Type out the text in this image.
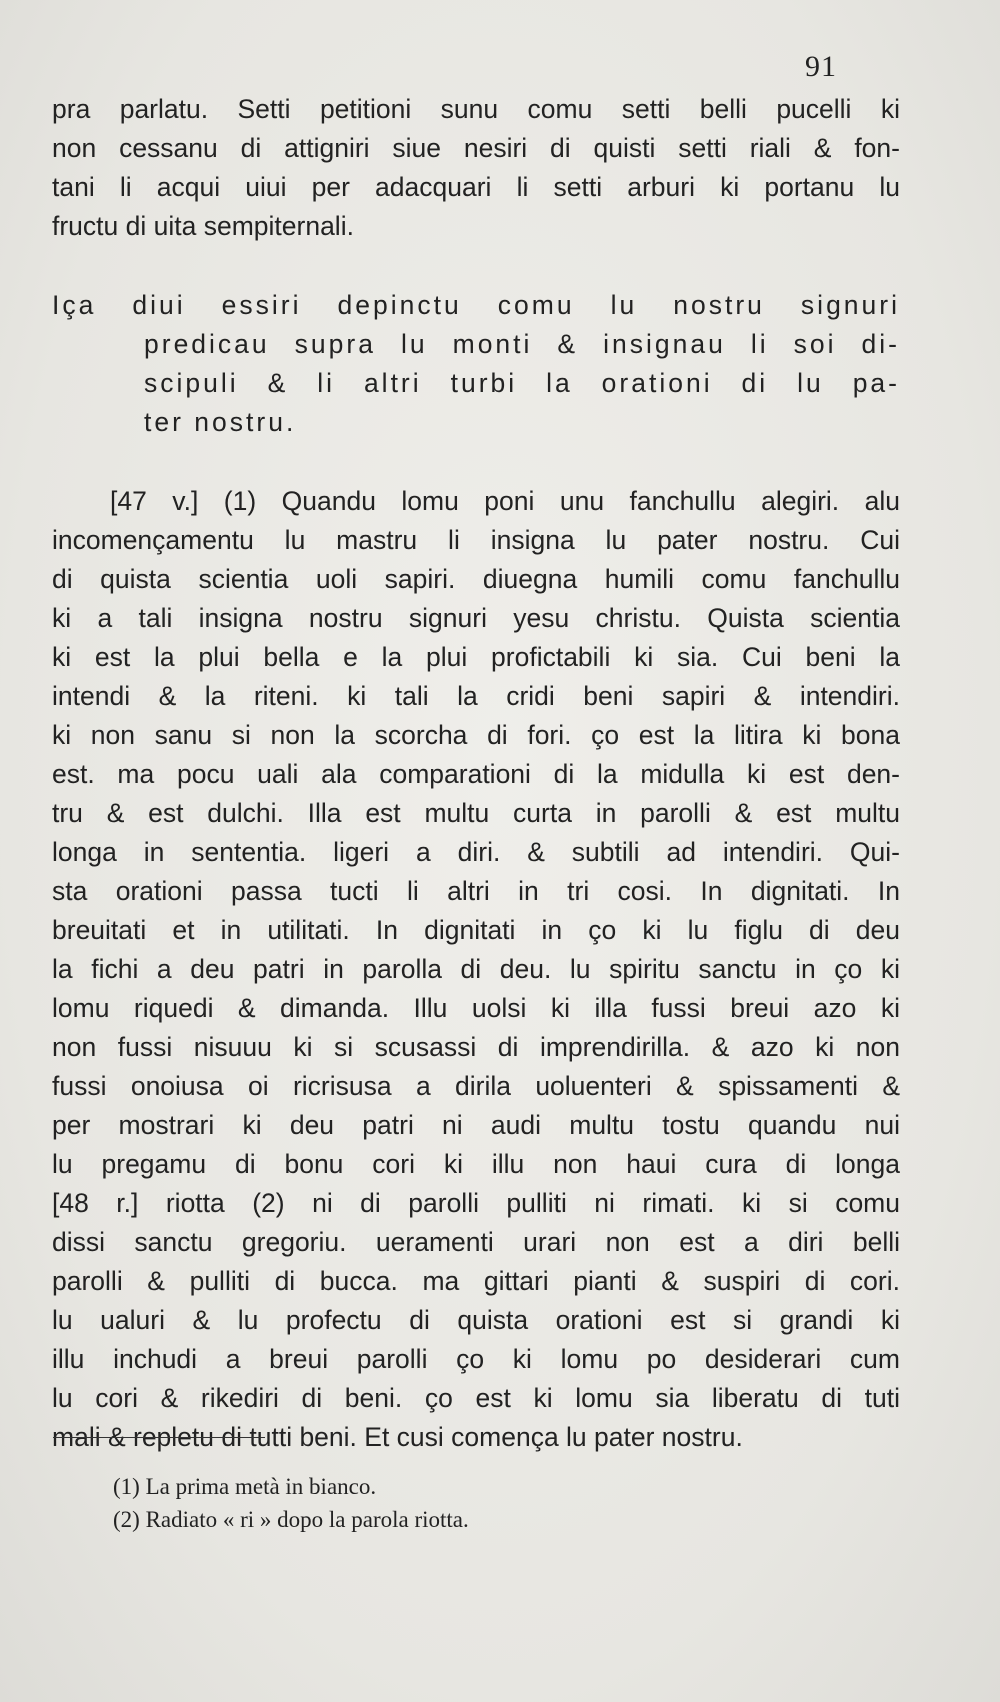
91
pra parlatu. Setti petitioni sunu comu setti belli pucelli ki
non cessanu di attigniri siue nesiri di quisti setti riali & fon-
tani li acqui uiui per adacquari li setti arburi ki portanu lu
fructu di uita sempiternali.
Iça diui essiri depinctu comu lu nostru signuri
predicau supra lu monti & insignau li soi di-
scipuli & li altri turbi la orationi di lu pa-
ter nostru.
[47 v.] (1) Quandu lomu poni unu fanchullu alegiri. alu
incomençamentu lu mastru li insigna lu pater nostru. Cui
di quista scientia uoli sapiri. diuegna humili comu fanchullu
ki a tali insigna nostru signuri yesu christu. Quista scientia
ki est la plui bella e la plui profictabili ki sia. Cui beni la
intendi & la riteni. ki tali la cridi beni sapiri & intendiri.
ki non sanu si non la scorcha di fori. ço est la litira ki bona
est. ma pocu uali ala comparationi di la midulla ki est den-
tru & est dulchi. Illa est multu curta in parolli & est multu
longa in sententia. ligeri a diri. & subtili ad intendiri. Qui-
sta orationi passa tucti li altri in tri cosi. In dignitati. In
breuitati et in utilitati. In dignitati in ço ki lu figlu di deu
la fichi a deu patri in parolla di deu. lu spiritu sanctu in ço ki
lomu riquedi & dimanda. Illu uolsi ki illa fussi breui azo ki
non fussi nisuuu ki si scusassi di imprendirilla. & azo ki non
fussi onoiusa oi ricrisusa a dirila uoluenteri & spissamenti &
per mostrari ki deu patri ni audi multu tostu quandu nui
lu pregamu di bonu cori ki illu non haui cura di longa
[48 r.] riotta (2) ni di parolli pulliti ni rimati. ki si comu
dissi sanctu gregoriu. ueramenti urari non est a diri belli
parolli & pulliti di bucca. ma gittari pianti & suspiri di cori.
lu ualuri & lu profectu di quista orationi est si grandi ki
illu inchudi a breui parolli ço ki lomu po desiderari cum
lu cori & rikediri di beni. ço est ki lomu sia liberatu di tuti
mali & repletu di tutti beni. Et cusi comença lu pater nostru.
(1) La prima metà in bianco.
(2) Radiato « ri » dopo la parola riotta.
